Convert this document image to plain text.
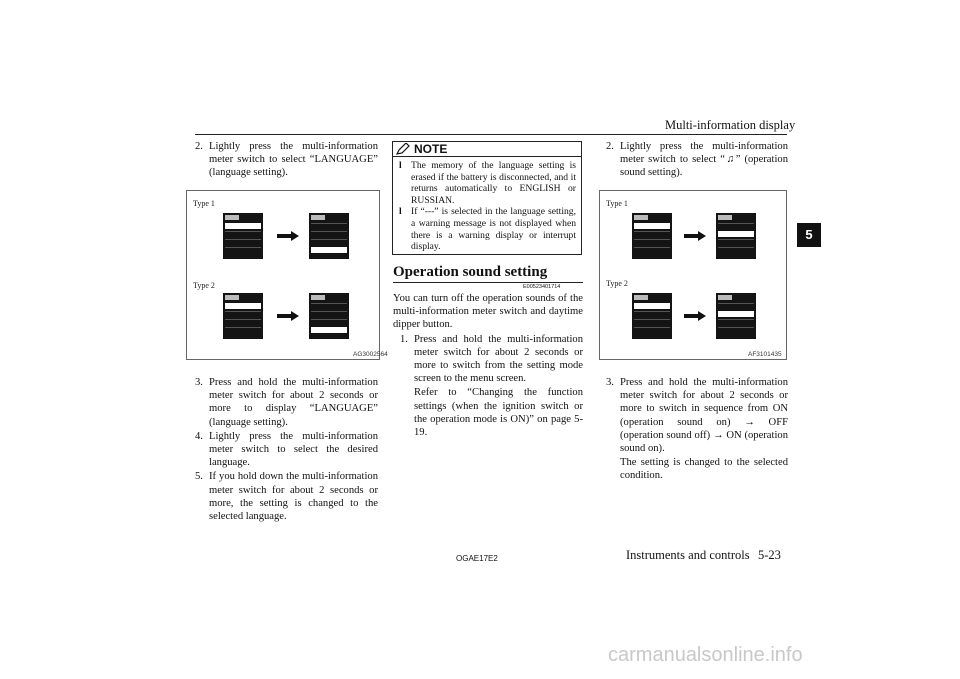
Multi-information display
5
2. Lightly press the multi-information meter switch to select “LANGUAGE” (language setting).
Type 1
Type 2
AG3002564
3. Press and hold the multi-information meter switch for about 2 seconds or more to display “LANGUAGE” (language setting).
4. Lightly press the multi-information meter switch to select the desired language.
5. If you hold down the multi-information meter switch for about 2 seconds or more, the setting is changed to the selected language.
NOTE
l The memory of the language setting is erased if the battery is disconnected, and it returns automatically to ENGLISH or RUSSIAN.
l If “---” is selected in the language setting, a warning message is not displayed when there is a warning display or interrupt display.
Operation sound setting
E00523401714
You can turn off the operation sounds of the multi-information meter switch and daytime dipper button.
1. Press and hold the multi-information meter switch for about 2 seconds or more to switch from the setting mode screen to the menu screen.
Refer to “Changing the function settings (when the ignition switch or the operation mode is ON)” on page 5-19.
2. Lightly press the multi-information meter switch to select “♫” (operation sound setting).
Type 1
Type 2
AF3101435
3. Press and hold the multi-information meter switch for about 2 seconds or more to switch in sequence from ON (operation sound on) → OFF (operation sound off) → ON (operation sound on).
The setting is changed to the selected condition.
OGAE17E2	Instruments and controls 5-23
carmanualsonline.info
